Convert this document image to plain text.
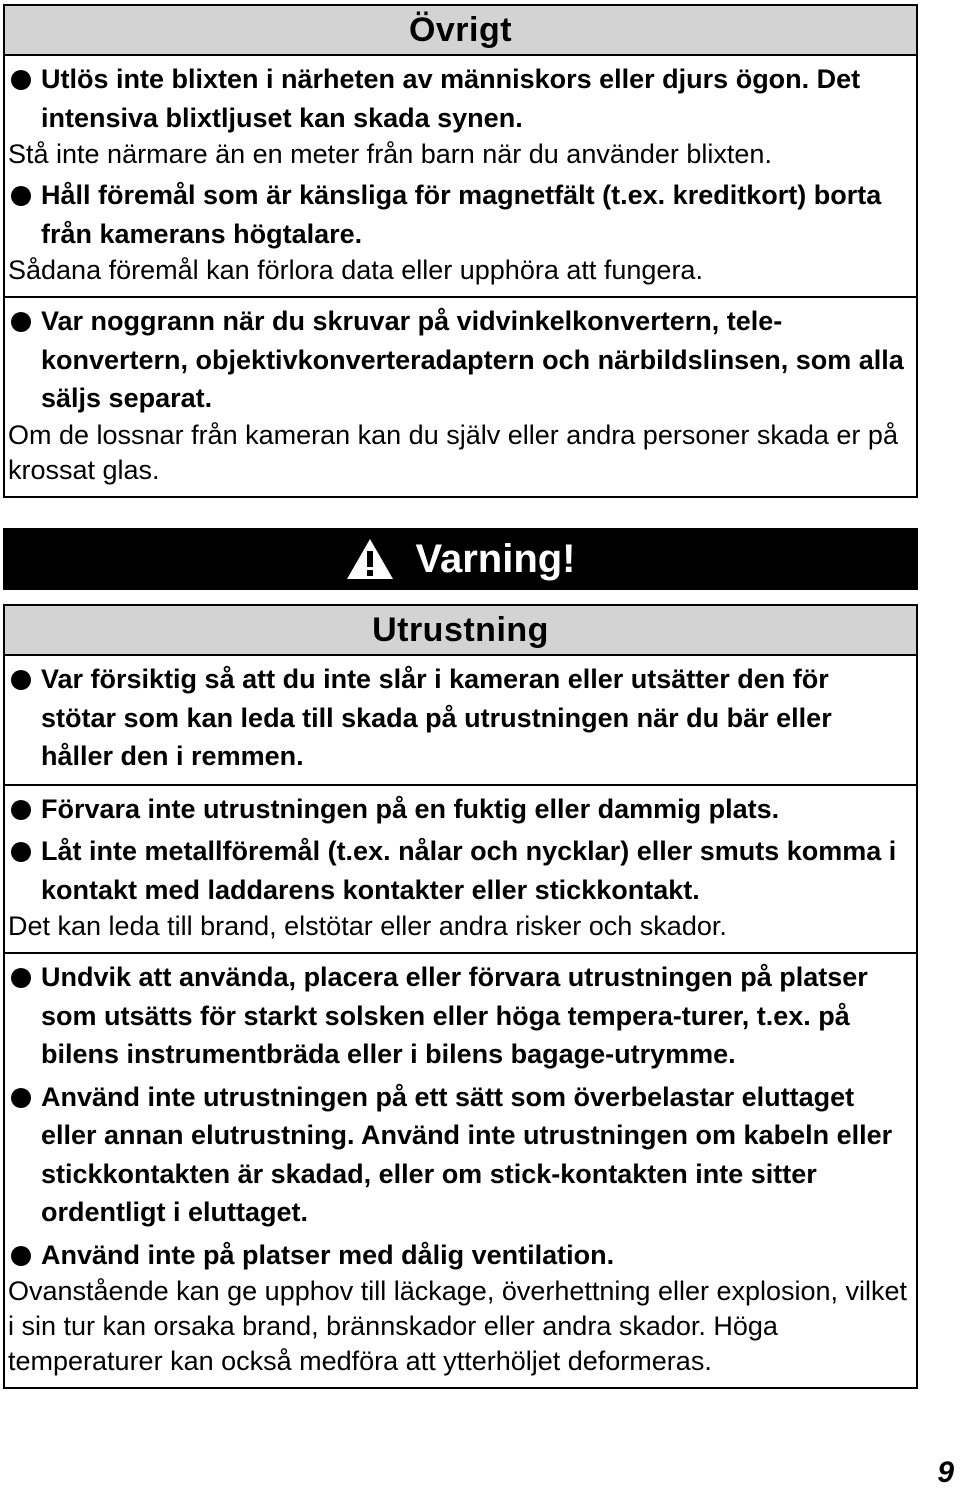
Övrigt
Utlös inte blixten i närheten av människors eller djurs ögon. Det intensiva blixtljuset kan skada synen.
Stå inte närmare än en meter från barn när du använder blixten.
Håll föremål som är känsliga för magnetfält (t.ex. kreditkort) borta från kamerans högtalare.
Sådana föremål kan förlora data eller upphöra att fungera.
Var noggrann när du skruvar på vidvinkelkonvertern, tele-konvertern, objektivkonverteradaptern och närbildslinsen, som alla säljs separat.
Om de lossnar från kameran kan du själv eller andra personer skada er på krossat glas.
Varning!
Utrustning
Var försiktig så att du inte slår i kameran eller utsätter den för stötar som kan leda till skada på utrustningen när du bär eller håller den i remmen.
Förvara inte utrustningen på en fuktig eller dammig plats.
Låt inte metallföremål (t.ex. nålar och nycklar) eller smuts komma i kontakt med laddarens kontakter eller stickkontakt.
Det kan leda till brand, elstötar eller andra risker och skador.
Undvik att använda, placera eller förvara utrustningen på platser som utsätts för starkt solsken eller höga tempera-turer, t.ex. på bilens instrumentbräda eller i bilens bagage-utrymme.
Använd inte utrustningen på ett sätt som överbelastar eluttaget eller annan elutrustning. Använd inte utrustningen om kabeln eller stickkontakten är skadad, eller om stick-kontakten inte sitter ordentligt i eluttaget.
Använd inte på platser med dålig ventilation.
Ovanstående kan ge upphov till läckage, överhettning eller explosion, vilket i sin tur kan orsaka brand, brännskador eller andra skador. Höga temperaturer kan också medföra att ytterhöljet deformeras.
9
